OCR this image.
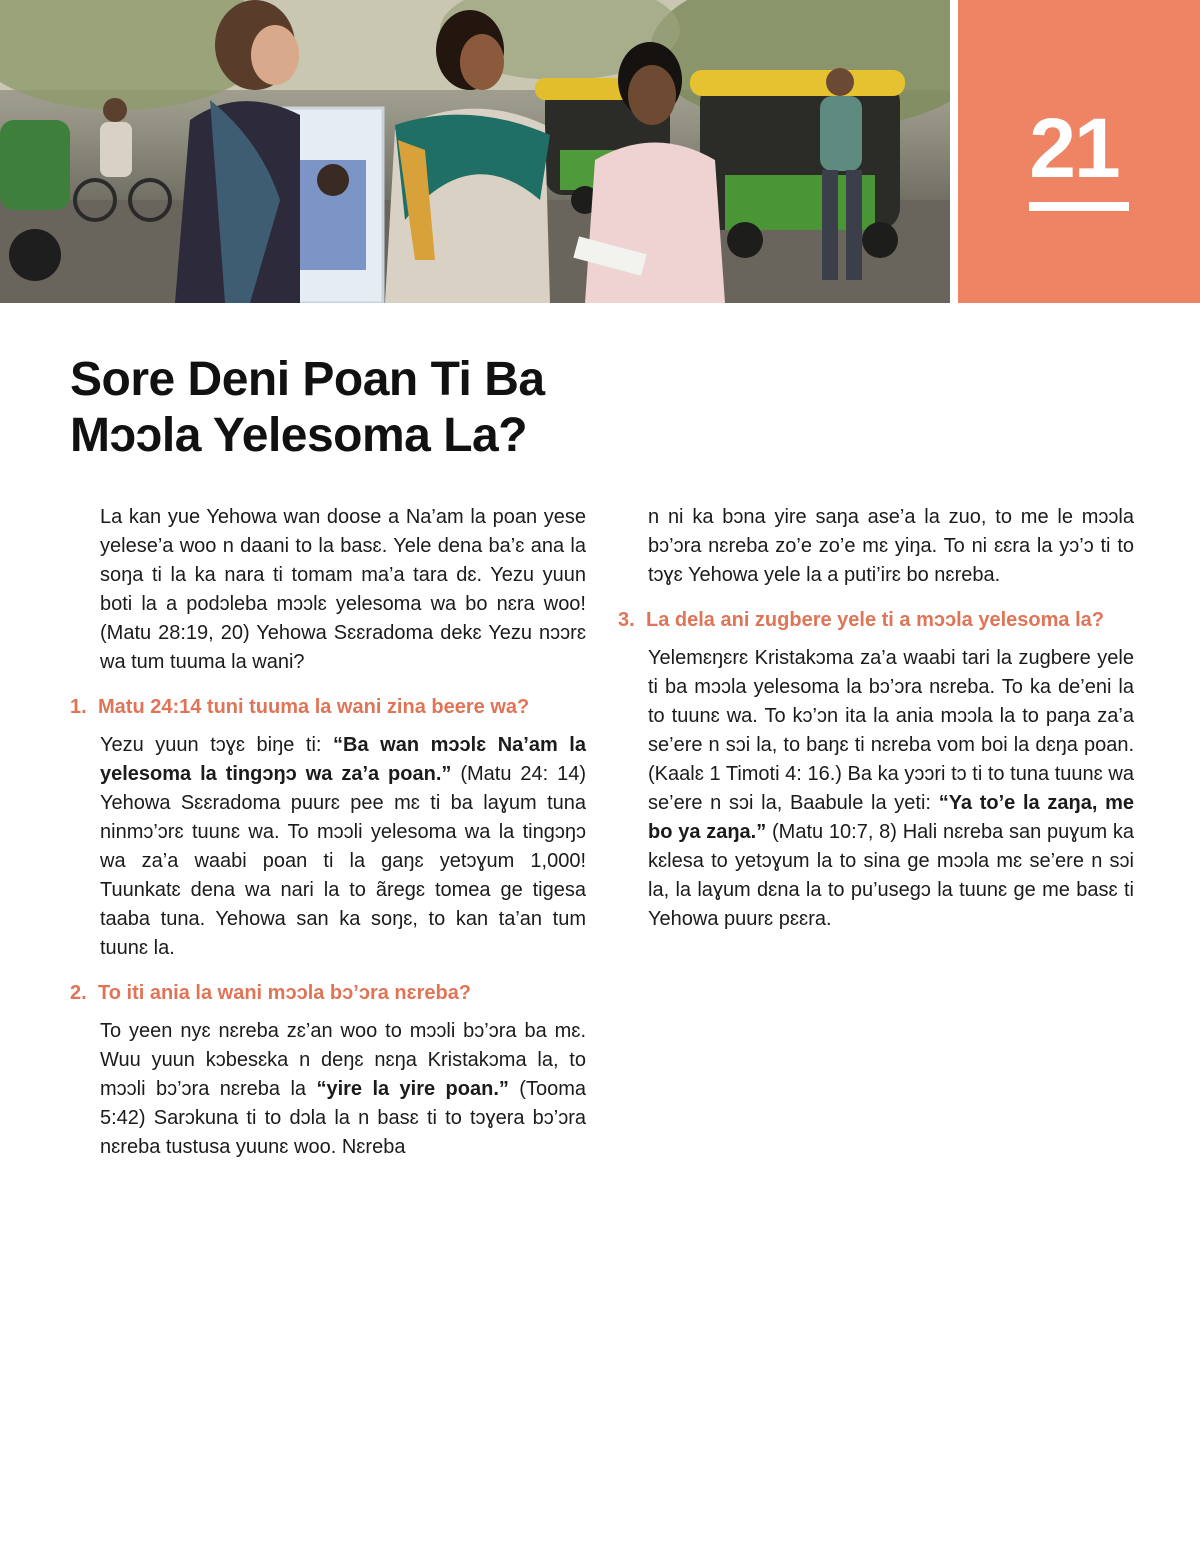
21
Sore Deni Poan Ti Ba
Mɔɔla Yelesoma La?

La kan yue Yehowa wan doose a Na’am la poan yese yelese’a woo n daani to la basɛ. Yele dena ba’ɛ ana la soŋa ti la ka nara ti tomam ma’a tara dɛ. Yezu yuun boti la a podɔleba mɔɔlɛ yelesoma wa bo nɛra woo! (Matu 28:19, 20) Yehowa Sɛɛradoma dekɛ Yezu nɔɔrɛ wa tum tuuma la wani?

1. Matu 24:14 tuni tuuma la wani zina beere wa?

Yezu yuun tɔɣɛ biŋe ti: “Ba wan mɔɔlɛ Na’am la yelesoma la tingɔŋɔ wa za’a poan.” (Matu 24: 14) Yehowa Sɛɛradoma puurɛ pee mɛ ti ba laɣum tuna ninmɔ’ɔrɛ tuunɛ wa. To mɔɔli yelesoma wa la tingɔŋɔ wa za’a waabi poan ti la gaŋɛ yetɔɣum 1,000! Tuunkatɛ dena wa nari la to ãregɛ tomea ge tigesa taaba tuna. Yehowa san ka soŋɛ, to kan ta’an tum tuunɛ la.

2. To iti ania la wani mɔɔla bɔ’ɔra nɛreba?

To yeen nyɛ nɛreba zɛ’an woo to mɔɔli bɔ’ɔra ba mɛ. Wuu yuun kɔbesɛka n deŋɛ nɛŋa Kristakɔma la, to mɔɔli bɔ’ɔra nɛreba la “yire la yire poan.” (Tooma 5:42) Sarɔkuna ti to dɔla la n basɛ ti to tɔɣera bɔ’ɔra nɛreba tustusa yuunɛ woo. Nɛreba

n ni ka bɔna yire saŋa ase’a la zuo, to me le mɔɔla bɔ’ɔra nɛreba zo’e zo’e mɛ yiŋa. To ni ɛɛra la yɔ’ɔ ti to tɔɣɛ Yehowa yele la a puti’irɛ bo nɛreba.

3. La dela ani zugbere yele ti a mɔɔla yelesoma la?

Yelemɛŋɛrɛ Kristakɔma za’a waabi tari la zugbere yele ti ba mɔɔla yelesoma la bɔ’ɔra nɛreba. To ka de’eni la to tuunɛ wa. To kɔ’ɔn ita la ania mɔɔla la to paŋa za’a se’ere n sɔi la, to baŋɛ ti nɛreba vom boi la dɛŋa poan. (Kaalɛ 1 Timoti 4: 16.) Ba ka yɔɔri tɔ ti to tuna tuunɛ wa se’ere n sɔi la, Baabule la yeti: “Ya to’e la zaŋa, me bo ya zaŋa.” (Matu 10:7, 8) Hali nɛreba san puɣum ka kɛlesa to yetɔɣum la to sina ge mɔɔla mɛ se’ere n sɔi la, la laɣum dɛna la to pu’usegɔ la tuunɛ ge me basɛ ti Yehowa puurɛ pɛɛra.
